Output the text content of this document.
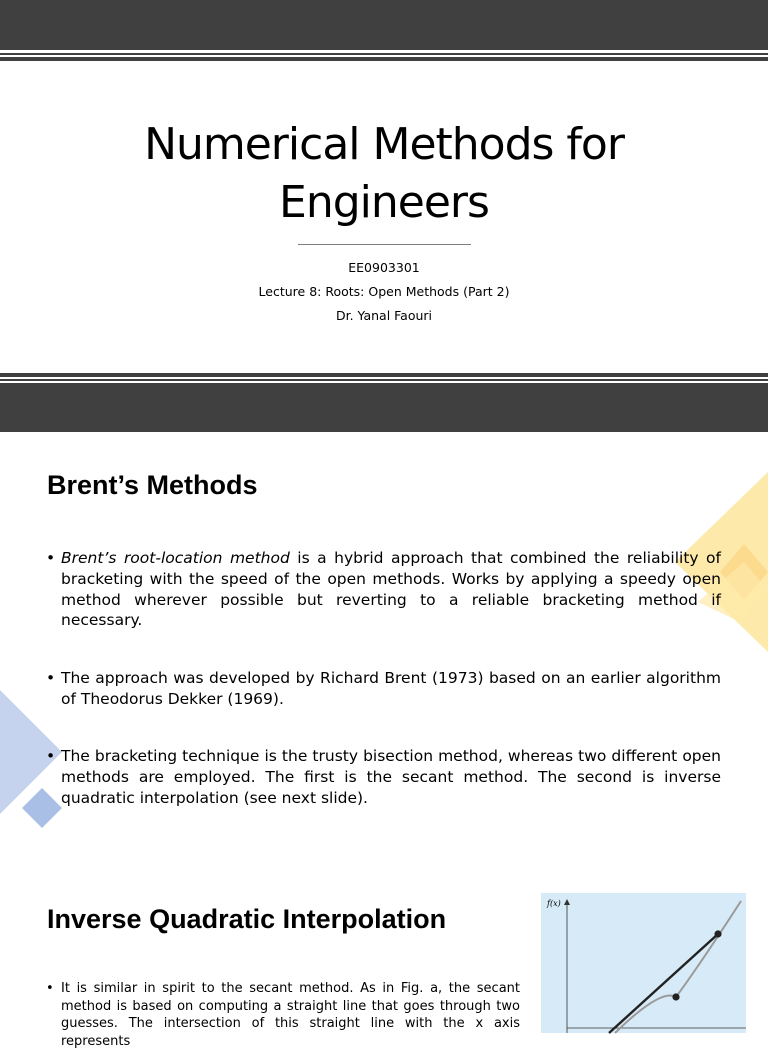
Numerical Methods for
Engineers
EE0903301
Lecture 8: Roots: Open Methods (Part 2)
Dr. Yanal Faouri
Brent’s Methods
• Brent’s root-location method is a hybrid approach that combined the reliability of bracketing with the speed of the open methods. Works by applying a speedy open method wherever possible but reverting to a reliable bracketing method if necessary.
• The approach was developed by Richard Brent (1973) based on an earlier algorithm of Theodorus Dekker (1969).
• The bracketing technique is the trusty bisection method, whereas two different open methods are employed. The first is the secant method. The second is inverse quadratic interpolation (see next slide).
Inverse Quadratic Interpolation
• It is similar in spirit to the secant method. As in Fig. a, the secant method is based on computing a straight line that goes through two guesses. The intersection of this straight line with the x axis represents
f(x)
